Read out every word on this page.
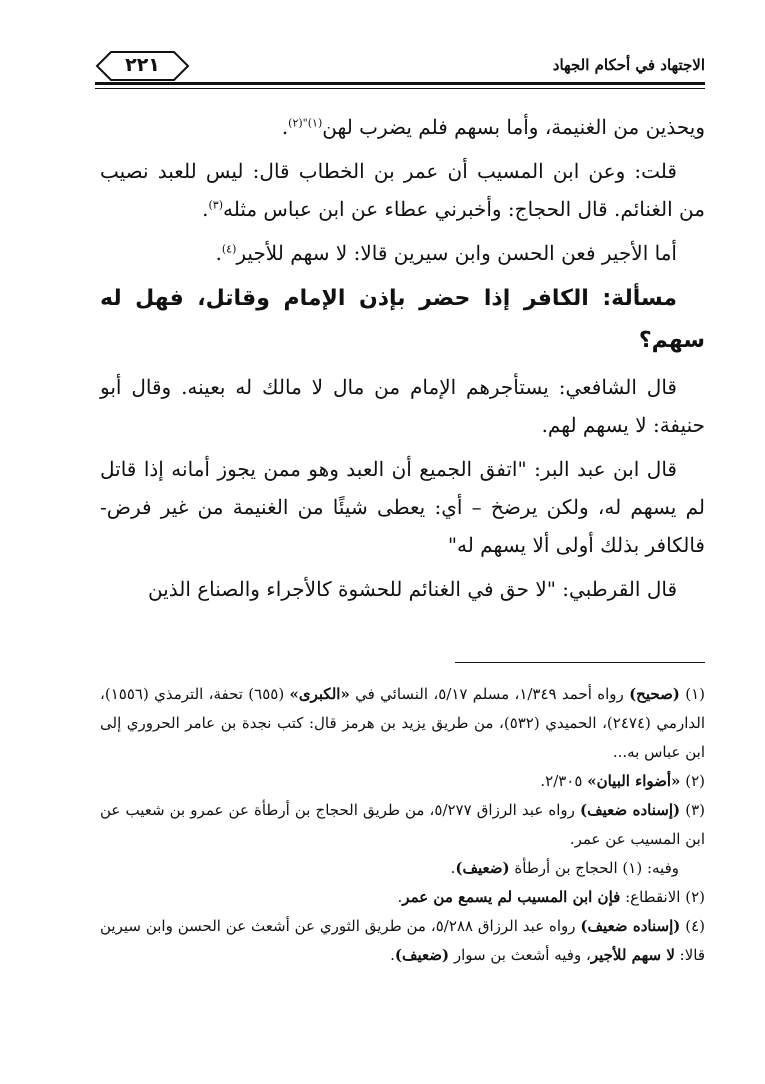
الاجتهاد في أحكام الجهاد
٢٢١

ويحذين من الغنيمة، وأما بسهم فلم يضرب لهن$^{(١)"(٢)}$.

قلت: وعن ابن المسيب أن عمر بن الخطاب قال: ليس للعبد نصيب من الغنائم. قال الحجاج: وأخبرني عطاء عن ابن عباس مثله$^{(٣)}$.

أما الأجير فعن الحسن وابن سيرين قالا: لا سهم للأجير$^{(٤)}$.

مسألة: الكافر إذا حضر بإذن الإمام وقاتل، فهل له سهم؟

قال الشافعي: يستأجرهم الإمام من مال لا مالك له بعينه. وقال أبو حنيفة: لا يسهم لهم.

قال ابن عبد البر: "اتفق الجميع أن العبد وهو ممن يجوز أمانه إذا قاتل لم يسهم له، ولكن يرضخ – أي: يعطى شيئًا من الغنيمة من غير فرض- فالكافر بذلك أولى ألا يسهم له"

قال القرطبي: "لا حق في الغنائم للحشوة كالأجراء والصناع الذين

(١) (صحيح) رواه أحمد ١/٣٤٩، مسلم ٥/١٧، النسائي في «الكبرى» (٦٥٥) تحفة، الترمذي (١٥٥٦)، الدارمي (٢٤٧٤)، الحميدي (٥٣٢)، من طريق يزيد بن هرمز قال: كتب نجدة بن عامر الحروري إلى ابن عباس به...

(٢) «أضواء البيان» ٢/٣٠٥.

(٣) (إسناده ضعيف) رواه عبد الرزاق ٥/٢٧٧، من طريق الحجاج بن أرطأة عن عمرو بن شعيب عن ابن المسيب عن عمر.

وفيه: (١) الحجاج بن أرطأة (ضعيف).

(٢) الانقطاع: فإن ابن المسيب لم يسمع من عمر.

(٤) (إسناده ضعيف) رواه عبد الرزاق ٥/٢٨٨، من طريق الثوري عن أشعث عن الحسن وابن سيرين قالا: لا سهم للأجير، وفيه أشعث بن سوار (ضعيف).
